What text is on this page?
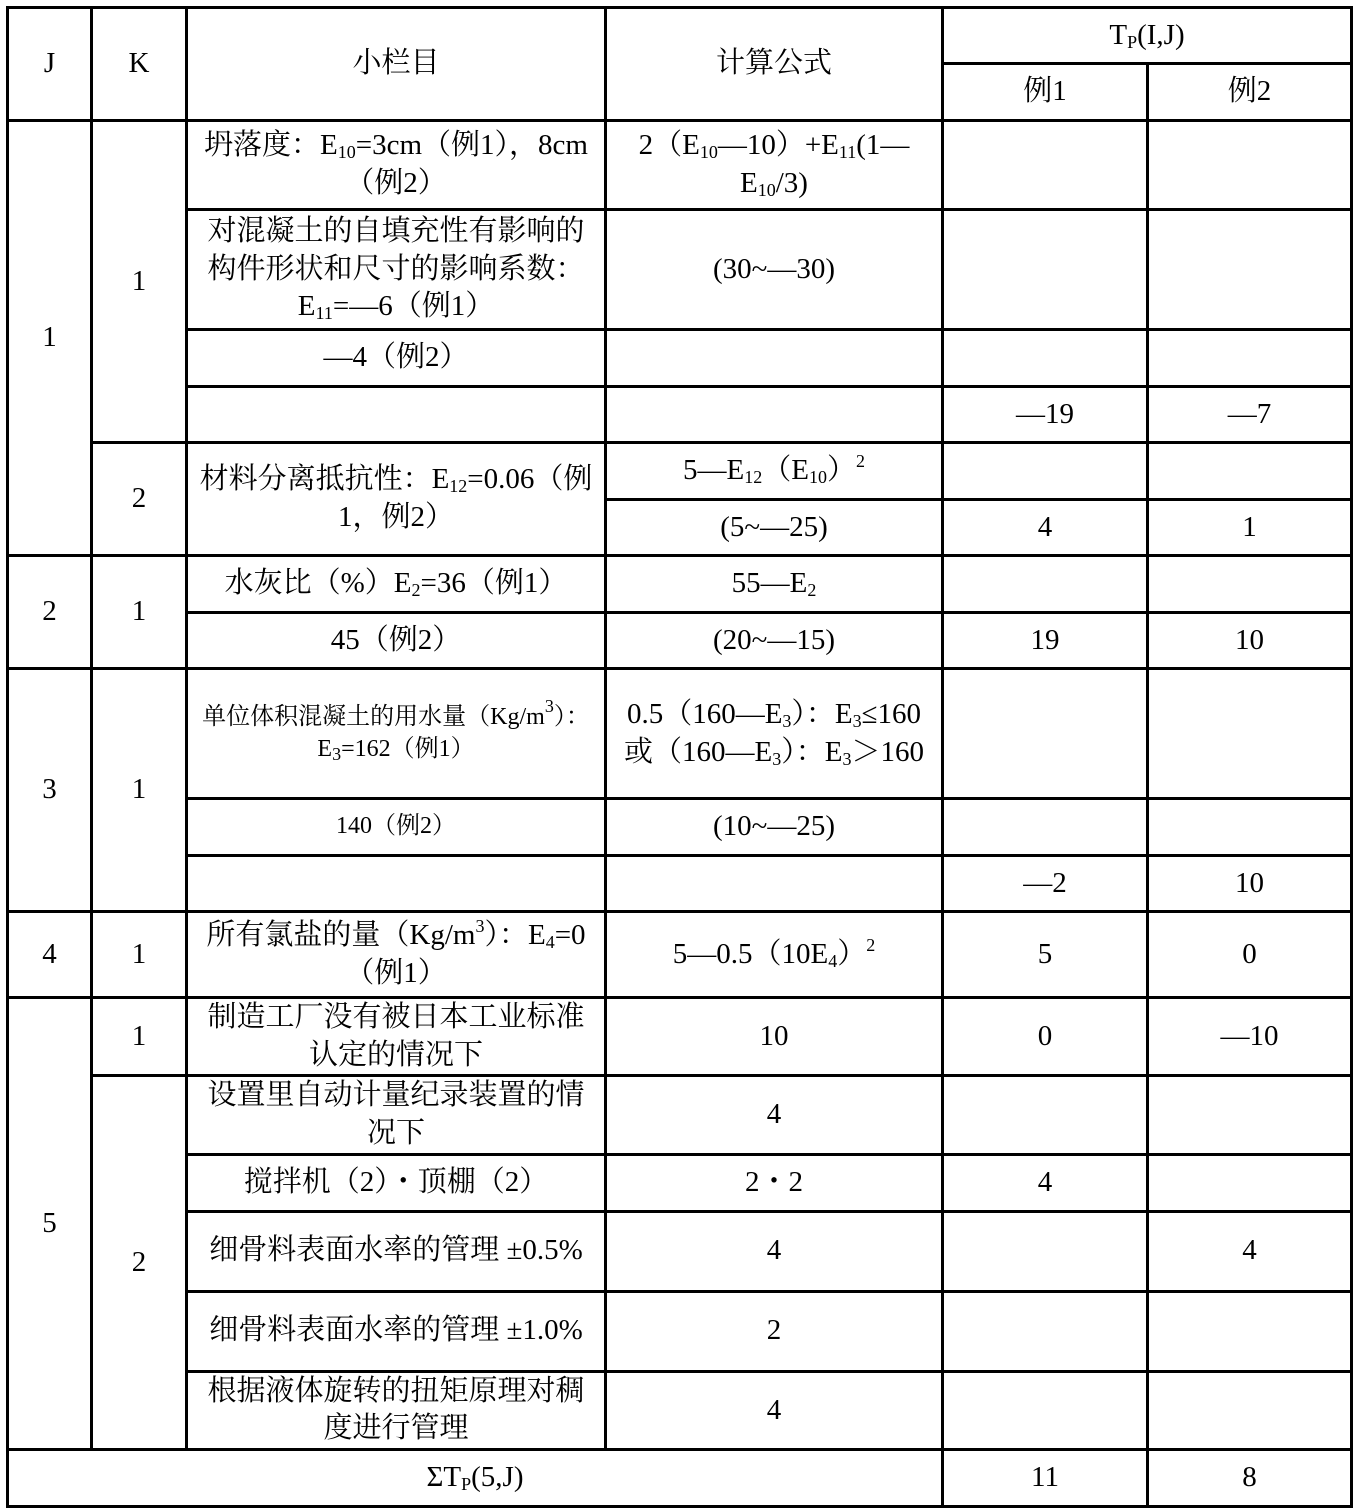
J	K	小栏目	计算公式	$T_P(I,J)$	
				例1	例2
1	1	坍落度：$E_{10}=3cm$（例1），8cm（例2）	$2(E_{10}—10)+E_{11}(1—E_{10}/3)$		
		对混凝土的自填充性有影响的构件形状和尺寸的影响系数：$E_{11}=—6$（例1）	(30~—30)		
		—4（例2）			
				—19	—7
	2	材料分离抵抗性：$E_{12}=0.06$（例1，例2）	$5—E_{12}(E_{10})^2$		
			(5~—25)	4	1
2	1	水灰比$(\%)E_2=36$（例1）	$55—E_2$		
		45（例2）	(20~—15)	19	10
3	1	单位体积混凝土的用水量$(Kg/m^3)$：$E_3=162$（例1）	$0.5(160—E_3)$：$E_3\le 160$或$(160—E_3)$：$E_3>160$		
		140（例2）	(10~—25)		
				—2	10
4	1	所有氯盐的量$(Kg/m^3)$：$E_4=0$（例1）	$5—0.5(10E_4)^2$	5	0
5	1	制造工厂没有被日本工业标准认定的情况下	10	0	—10
	2	设置里自动计量纪录装置的情况下	4		
		搅拌机（2）・顶棚（2）	2・2	4	
		细骨料表面水率的管理 ±0.5%	4		4
		细骨料表面水率的管理 ±1.0%	2		
		根据液体旋转的扭矩原理对稠度进行管理	4		
$\Sigma T_P(5,J)$				11	8
